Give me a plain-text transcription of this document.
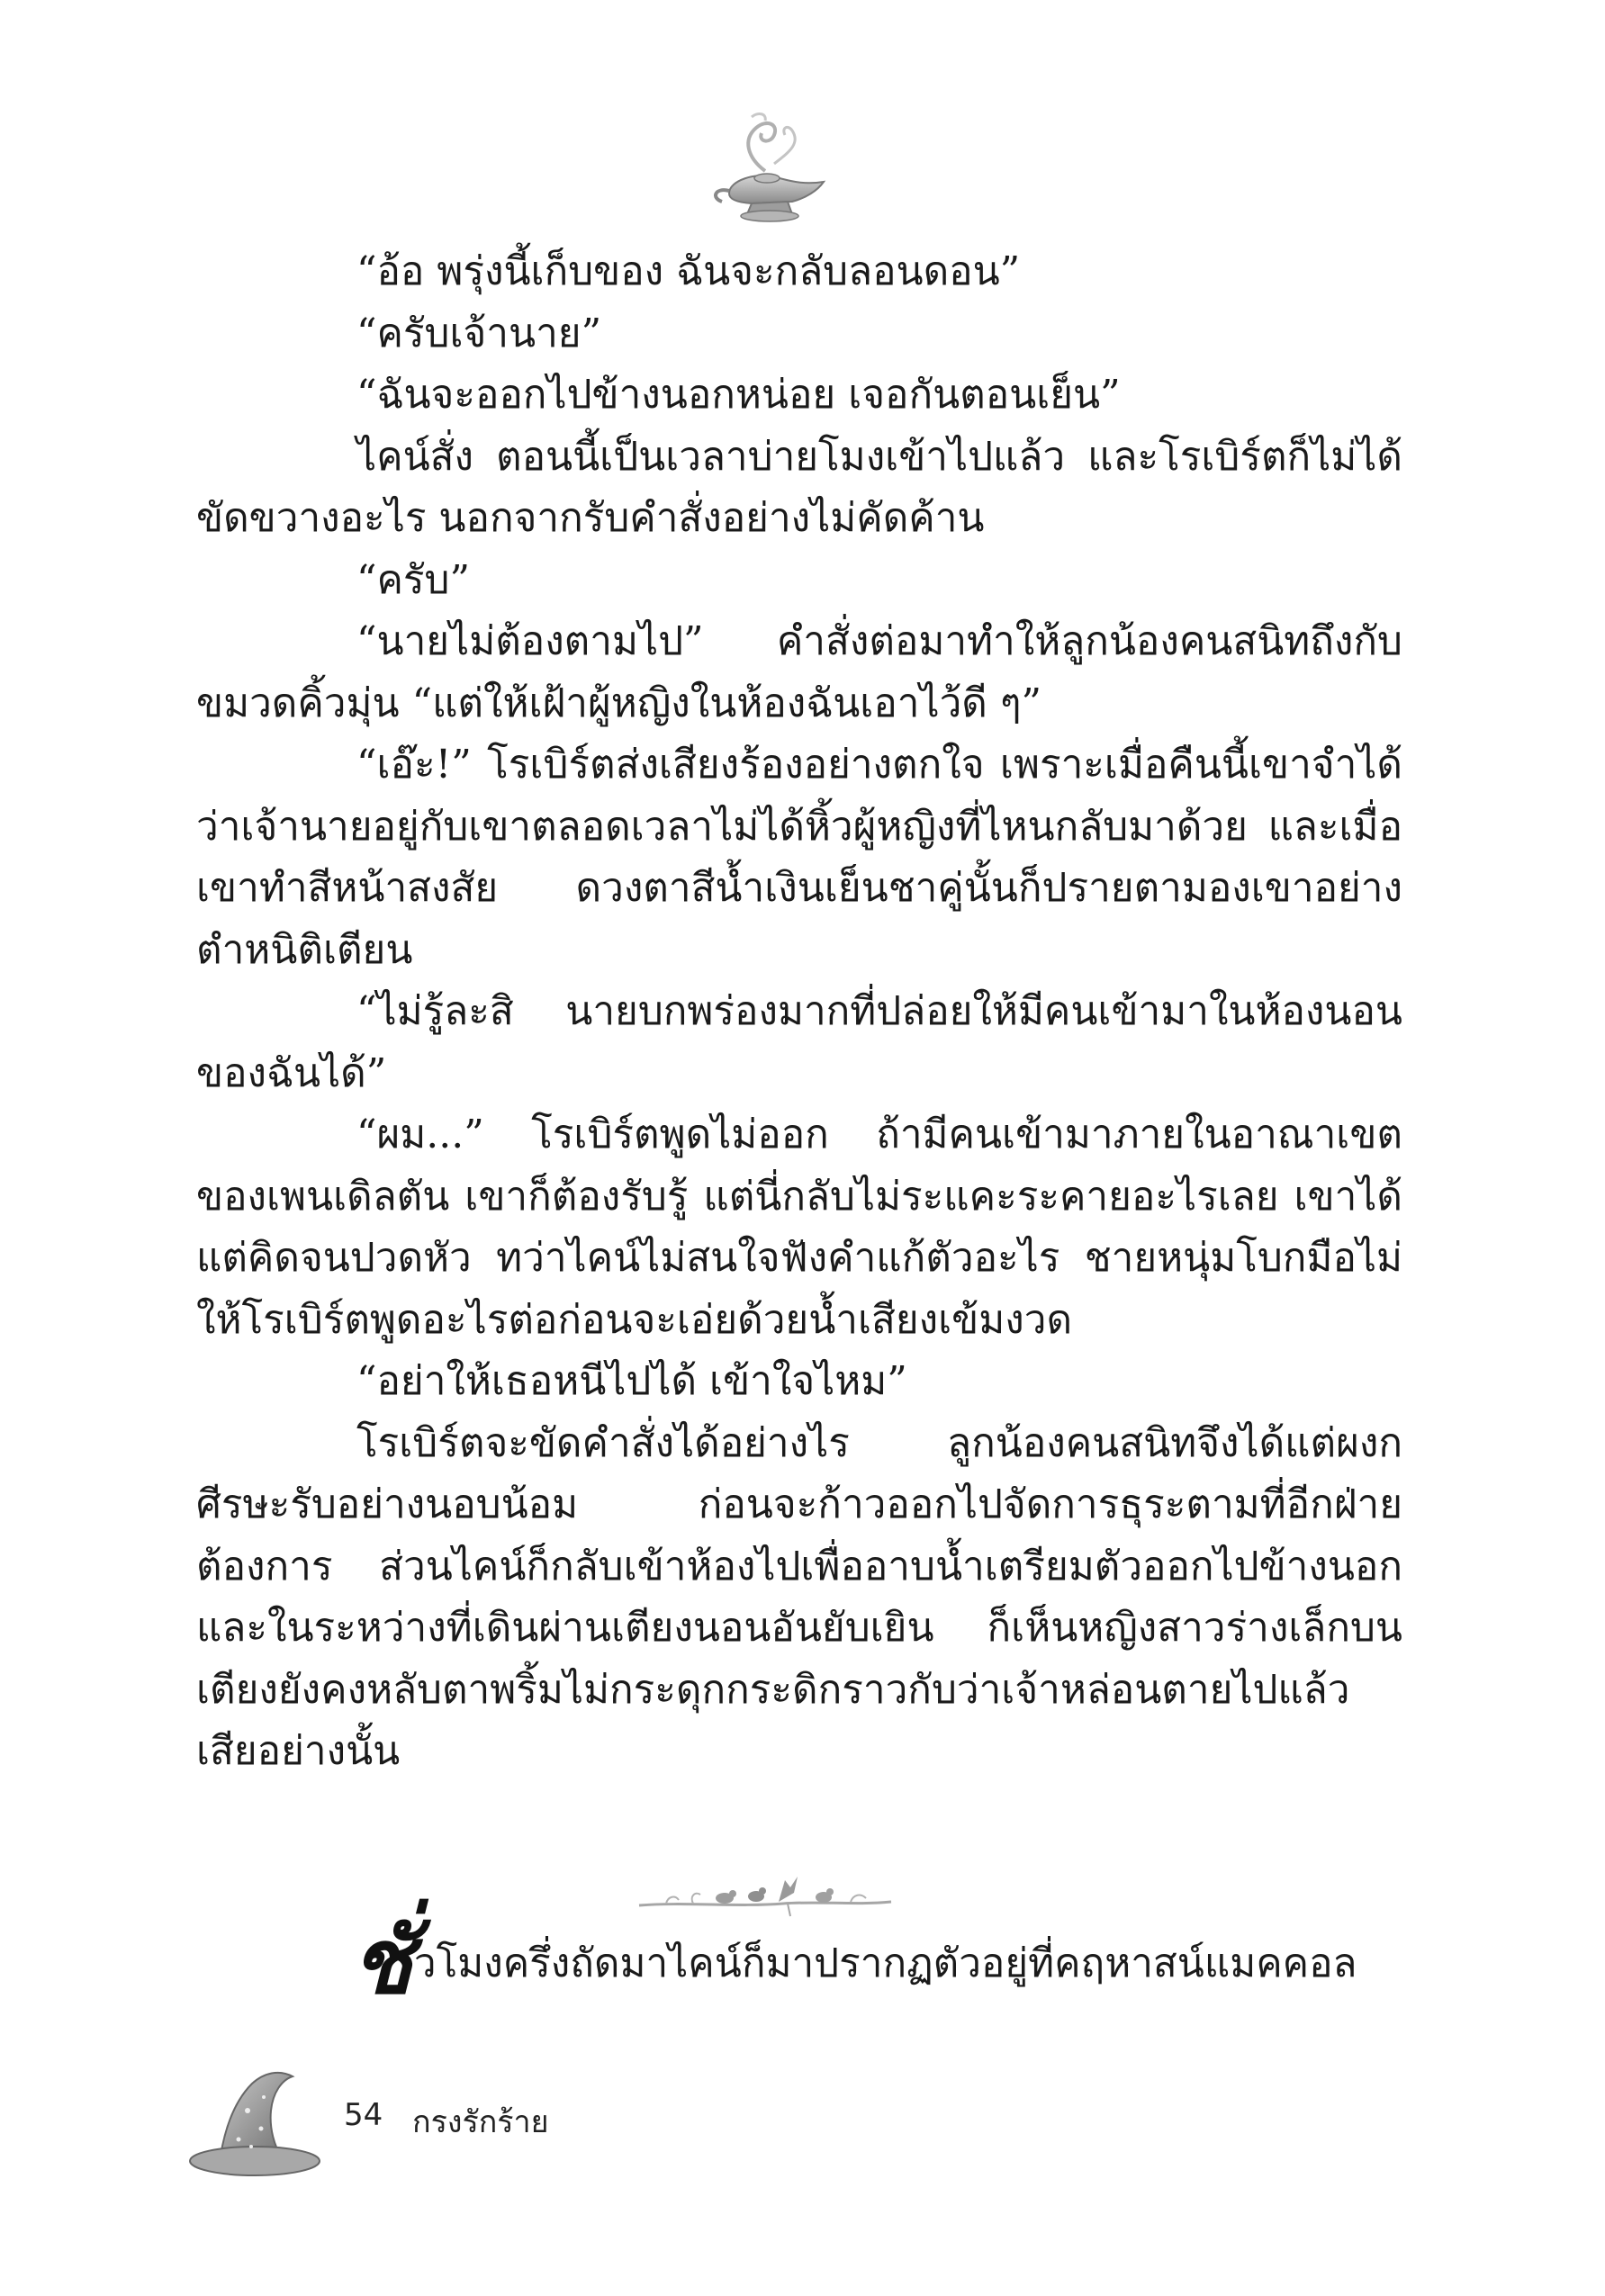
“อ้อ พรุ่งนี้เก็บของ ฉันจะกลับลอนดอน”

“ครับเจ้านาย”

“ฉันจะออกไปข้างนอกหน่อย เจอกันตอนเย็น”

ไคน์สั่ง ตอนนี้เป็นเวลาบ่ายโมงเข้าไปแล้ว และโรเบิร์ตก็ไม่ได้ขัดขวางอะไร นอกจากรับคำสั่งอย่างไม่คัดค้าน

“ครับ”

“นายไม่ต้องตามไป” คำสั่งต่อมาทำให้ลูกน้องคนสนิทถึงกับขมวดคิ้วมุ่น “แต่ให้เฝ้าผู้หญิงในห้องฉันเอาไว้ดี ๆ”

“เอ๊ะ!” โรเบิร์ตส่งเสียงร้องอย่างตกใจ เพราะเมื่อคืนนี้เขาจำได้ว่าเจ้านายอยู่กับเขาตลอดเวลาไม่ได้หิ้วผู้หญิงที่ไหนกลับมาด้วย และเมื่อเขาทำสีหน้าสงสัย ดวงตาสีน้ำเงินเย็นชาคู่นั้นก็ปรายตามองเขาอย่างตำหนิติเตียน

“ไม่รู้ละสิ นายบกพร่องมากที่ปล่อยให้มีคนเข้ามาในห้องนอนของฉันได้”

“ผม...” โรเบิร์ตพูดไม่ออก ถ้ามีคนเข้ามาภายในอาณาเขตของเพนเดิลตัน เขาก็ต้องรับรู้ แต่นี่กลับไม่ระแคะระคายอะไรเลย เขาได้แต่คิดจนปวดหัว ทว่าไคน์ไม่สนใจฟังคำแก้ตัวอะไร ชายหนุ่มโบกมือไม่ให้โรเบิร์ตพูดอะไรต่อก่อนจะเอ่ยด้วยน้ำเสียงเข้มงวด

“อย่าให้เธอหนีไปได้ เข้าใจไหม”

โรเบิร์ตจะขัดคำสั่งได้อย่างไร ลูกน้องคนสนิทจึงได้แต่ผงกศีรษะรับอย่างนอบน้อม ก่อนจะก้าวออกไปจัดการธุระตามที่อีกฝ่ายต้องการ ส่วนไคน์ก็กลับเข้าห้องไปเพื่ออาบน้ำเตรียมตัวออกไปข้างนอก และในระหว่างที่เดินผ่านเตียงนอนอันยับเยิน ก็เห็นหญิงสาวร่างเล็กบนเตียงยังคงหลับตาพริ้มไม่กระดุกกระดิกราวกับว่าเจ้าหล่อนตายไปแล้วเสียอย่างนั้น

ชั่ วโมงครึ่งถัดมาไคน์ก็มาปรากฏตัวอยู่ที่คฤหาสน์แมคคอล
54 กรงรักร้าย
